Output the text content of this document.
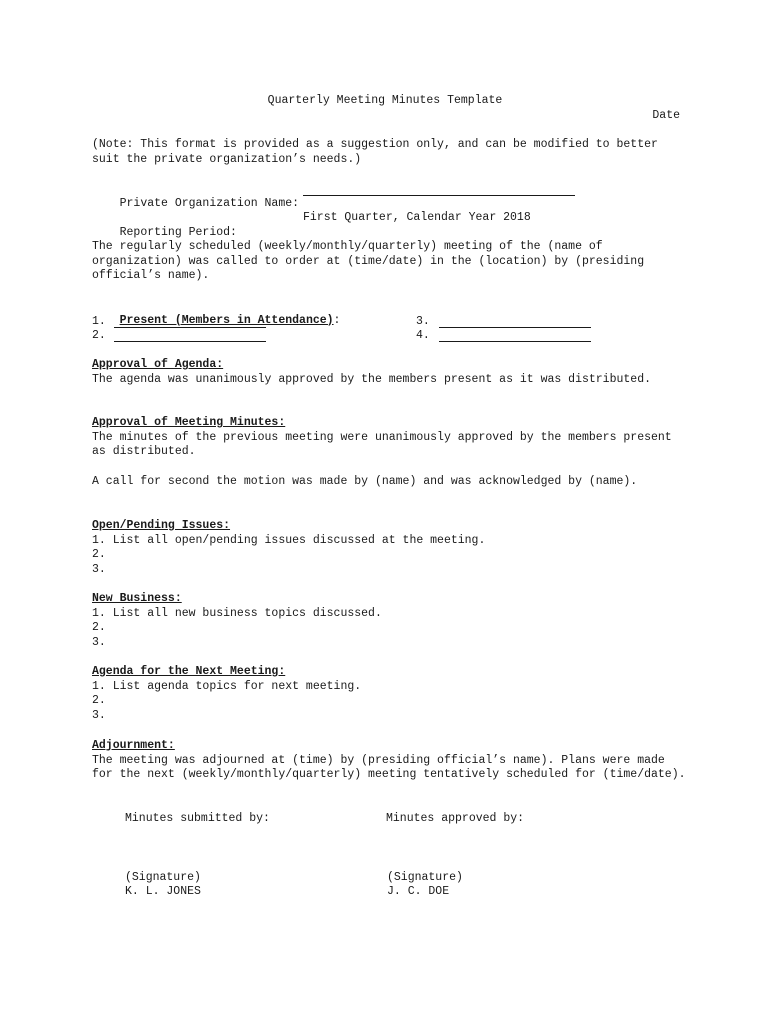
Quarterly Meeting Minutes Template
Date
(Note: This format is provided as a suggestion only, and can be modified to better suit the private organization’s needs.)

Private Organization Name:

Reporting Period:

First Quarter, Calendar Year 2018
The regularly scheduled (weekly/monthly/quarterly) meeting of the (name of organization) was called to order at (time/date) in the (location) by (presiding official’s name).

Present (Members in Attendance):

1.
2.
3.
4.
Approval of Agenda:
The agenda was unanimously approved by the members present as it was distributed.
Approval of Meeting Minutes:
The minutes of the previous meeting were unanimously approved by the members present as distributed.
A call for second the motion was made by (name) and was acknowledged by (name).
Open/Pending Issues:
1. List all open/pending issues discussed at the meeting.
2.
3.
New Business:
1. List all new business topics discussed.
2.
3.
Agenda for the Next Meeting:
1. List agenda topics for next meeting.
2.
3.
Adjournment:
The meeting was adjourned at (time) by (presiding official’s name). Plans were made for the next (weekly/monthly/quarterly) meeting tentatively scheduled for (time/date).
Minutes submitted by:	Minutes approved by:
(Signature)
K. L. JONES
(Signature)
J. C. DOE
